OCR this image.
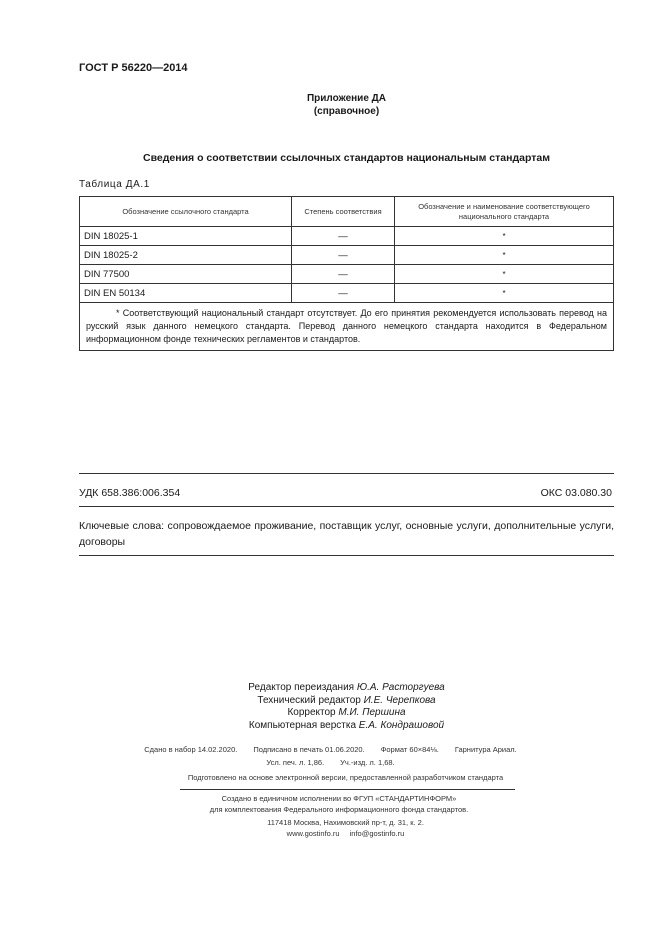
ГОСТ Р 56220—2014
Приложение ДА
(справочное)
Сведения о соответствии ссылочных стандартов национальным стандартам
Таблица ДА.1
Обозначение ссылочного стандарта	Степень соответствия	Обозначение и наименование соответствующего национального стандарта
DIN 18025-1	—	*
DIN 18025-2	—	*
DIN 77500	—	*
DIN EN 50134	—	*
* Соответствующий национальный стандарт отсутствует. До его принятия рекомендуется использовать перевод на русский язык данного немецкого стандарта. Перевод данного немецкого стандарта находится в Федеральном информационном фонде технических регламентов и стандартов.		
УДК 658.386:006.354	ОКС 03.080.30
Ключевые слова: сопровождаемое проживание, поставщик услуг, основные услуги, дополнительные услуги, договоры
Редактор переиздания Ю.А. Расторгуева
Технический редактор И.Е. Черепкова
Корректор М.И. Першина
Компьютерная верстка Е.А. Кондрашовой
Сдано в набор 14.02.2020. Подписано в печать 01.06.2020. Формат 60×84⅛. Гарнитура Ариал.
Усл. печ. л. 1,86. Уч.-изд. л. 1,68.
Подготовлено на основе электронной версии, предоставленной разработчиком стандарта
Создано в единичном исполнении во ФГУП «СТАНДАРТИНФОРМ»
для комплектования Федерального информационного фонда стандартов.
117418 Москва, Нахимовский пр-т, д. 31, к. 2.
www.gostinfo.ru info@gostinfo.ru
